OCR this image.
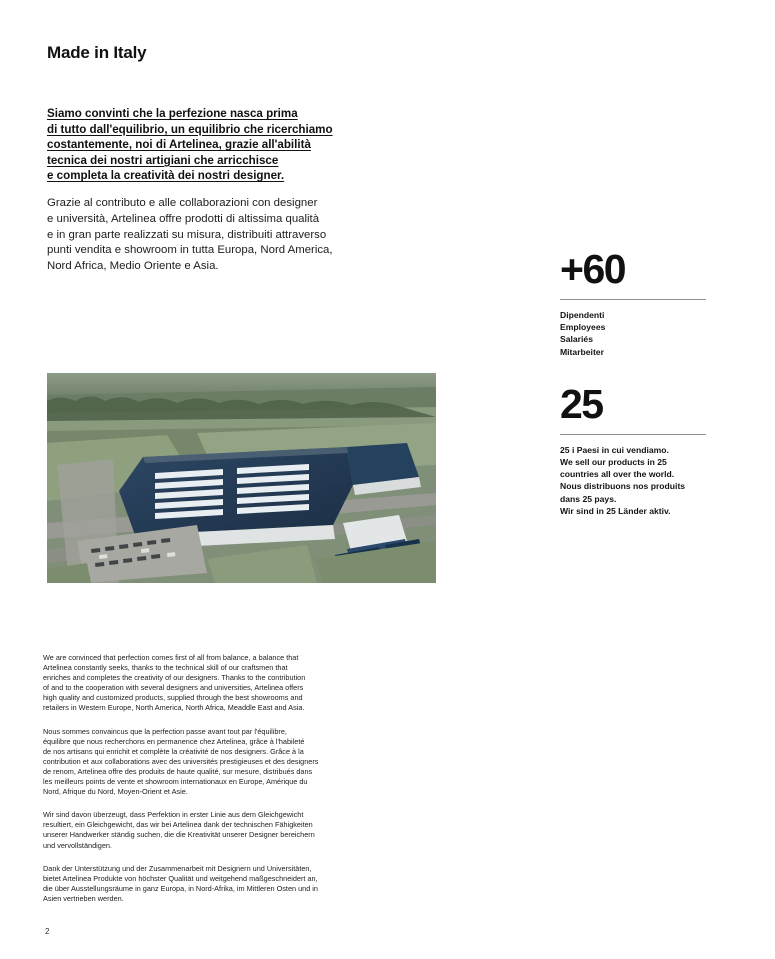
Made in Italy
Siamo convinti che la perfezione nasca prima
di tutto dall'equilibrio, un equilibrio che ricerchiamo
costantemente, noi di Artelinea, grazie all'abilità
tecnica dei nostri artigiani che arricchisce
e completa la creatività dei nostri designer.
Grazie al contributo e alle collaborazioni con designer
e università, Artelinea offre prodotti di altissima qualità
e in gran parte realizzati su misura, distribuiti attraverso
punti vendita e showroom in tutta Europa, Nord America,
Nord Africa, Medio Oriente e Asia.	+60
Dipendenti
Employees
Salariés
Mitarbeiter
25
25 i Paesi in cui vendiamo.
We sell our products in 25
countries all over the world.
Nous distribuons nos produits
dans 25 pays.
Wir sind in 25 Länder aktiv.

We are convinced that perfection comes first of all from balance, a balance that
Artelinea constantly seeks, thanks to the technical skill of our craftsmen that
enriches and completes the creativity of our designers. Thanks to the contribution
of and to the cooperation with several designers and universities, Artelinea offers
high quality and customized products, supplied through the best showrooms and
retailers in Western Europe, North America, North Africa, Meaddle East and Asia.

Nous sommes convaincus que la perfection passe avant tout par l'équilibre,
équilibre que nous recherchons en permanence chez Artelinea, grâce à l'habileté
de nos artisans qui enrichit et complète la créativité de nos designers. Grâce à la
contribution et aux collaborations avec des universités prestigieuses et des designers
de renom, Artelinea offre des produits de haute qualité, sur mesure, distribués dans
les meilleurs points de vente et showroom internationaux en Europe, Amérique du
Nord, Afrique du Nord, Moyen-Orient et Asie.

Wir sind davon überzeugt, dass Perfektion in erster Linie aus dem Gleichgewicht
resultiert, ein Gleichgewicht, das wir bei Artelinea dank der technischen Fähigkeiten
unserer Handwerker ständig suchen, die die Kreativität unserer Designer bereichern
und vervollständigen.

Dank der Unterstützung und der Zusammenarbeit mit Designern und Universitäten,
bietet Artelinea Produkte von höchster Qualität und weitgehend maßgeschneidert an,
die über Ausstellungsräume in ganz Europa, in Nord-Afrika, im Mittleren Osten und in
Asien vertrieben werden.

2
